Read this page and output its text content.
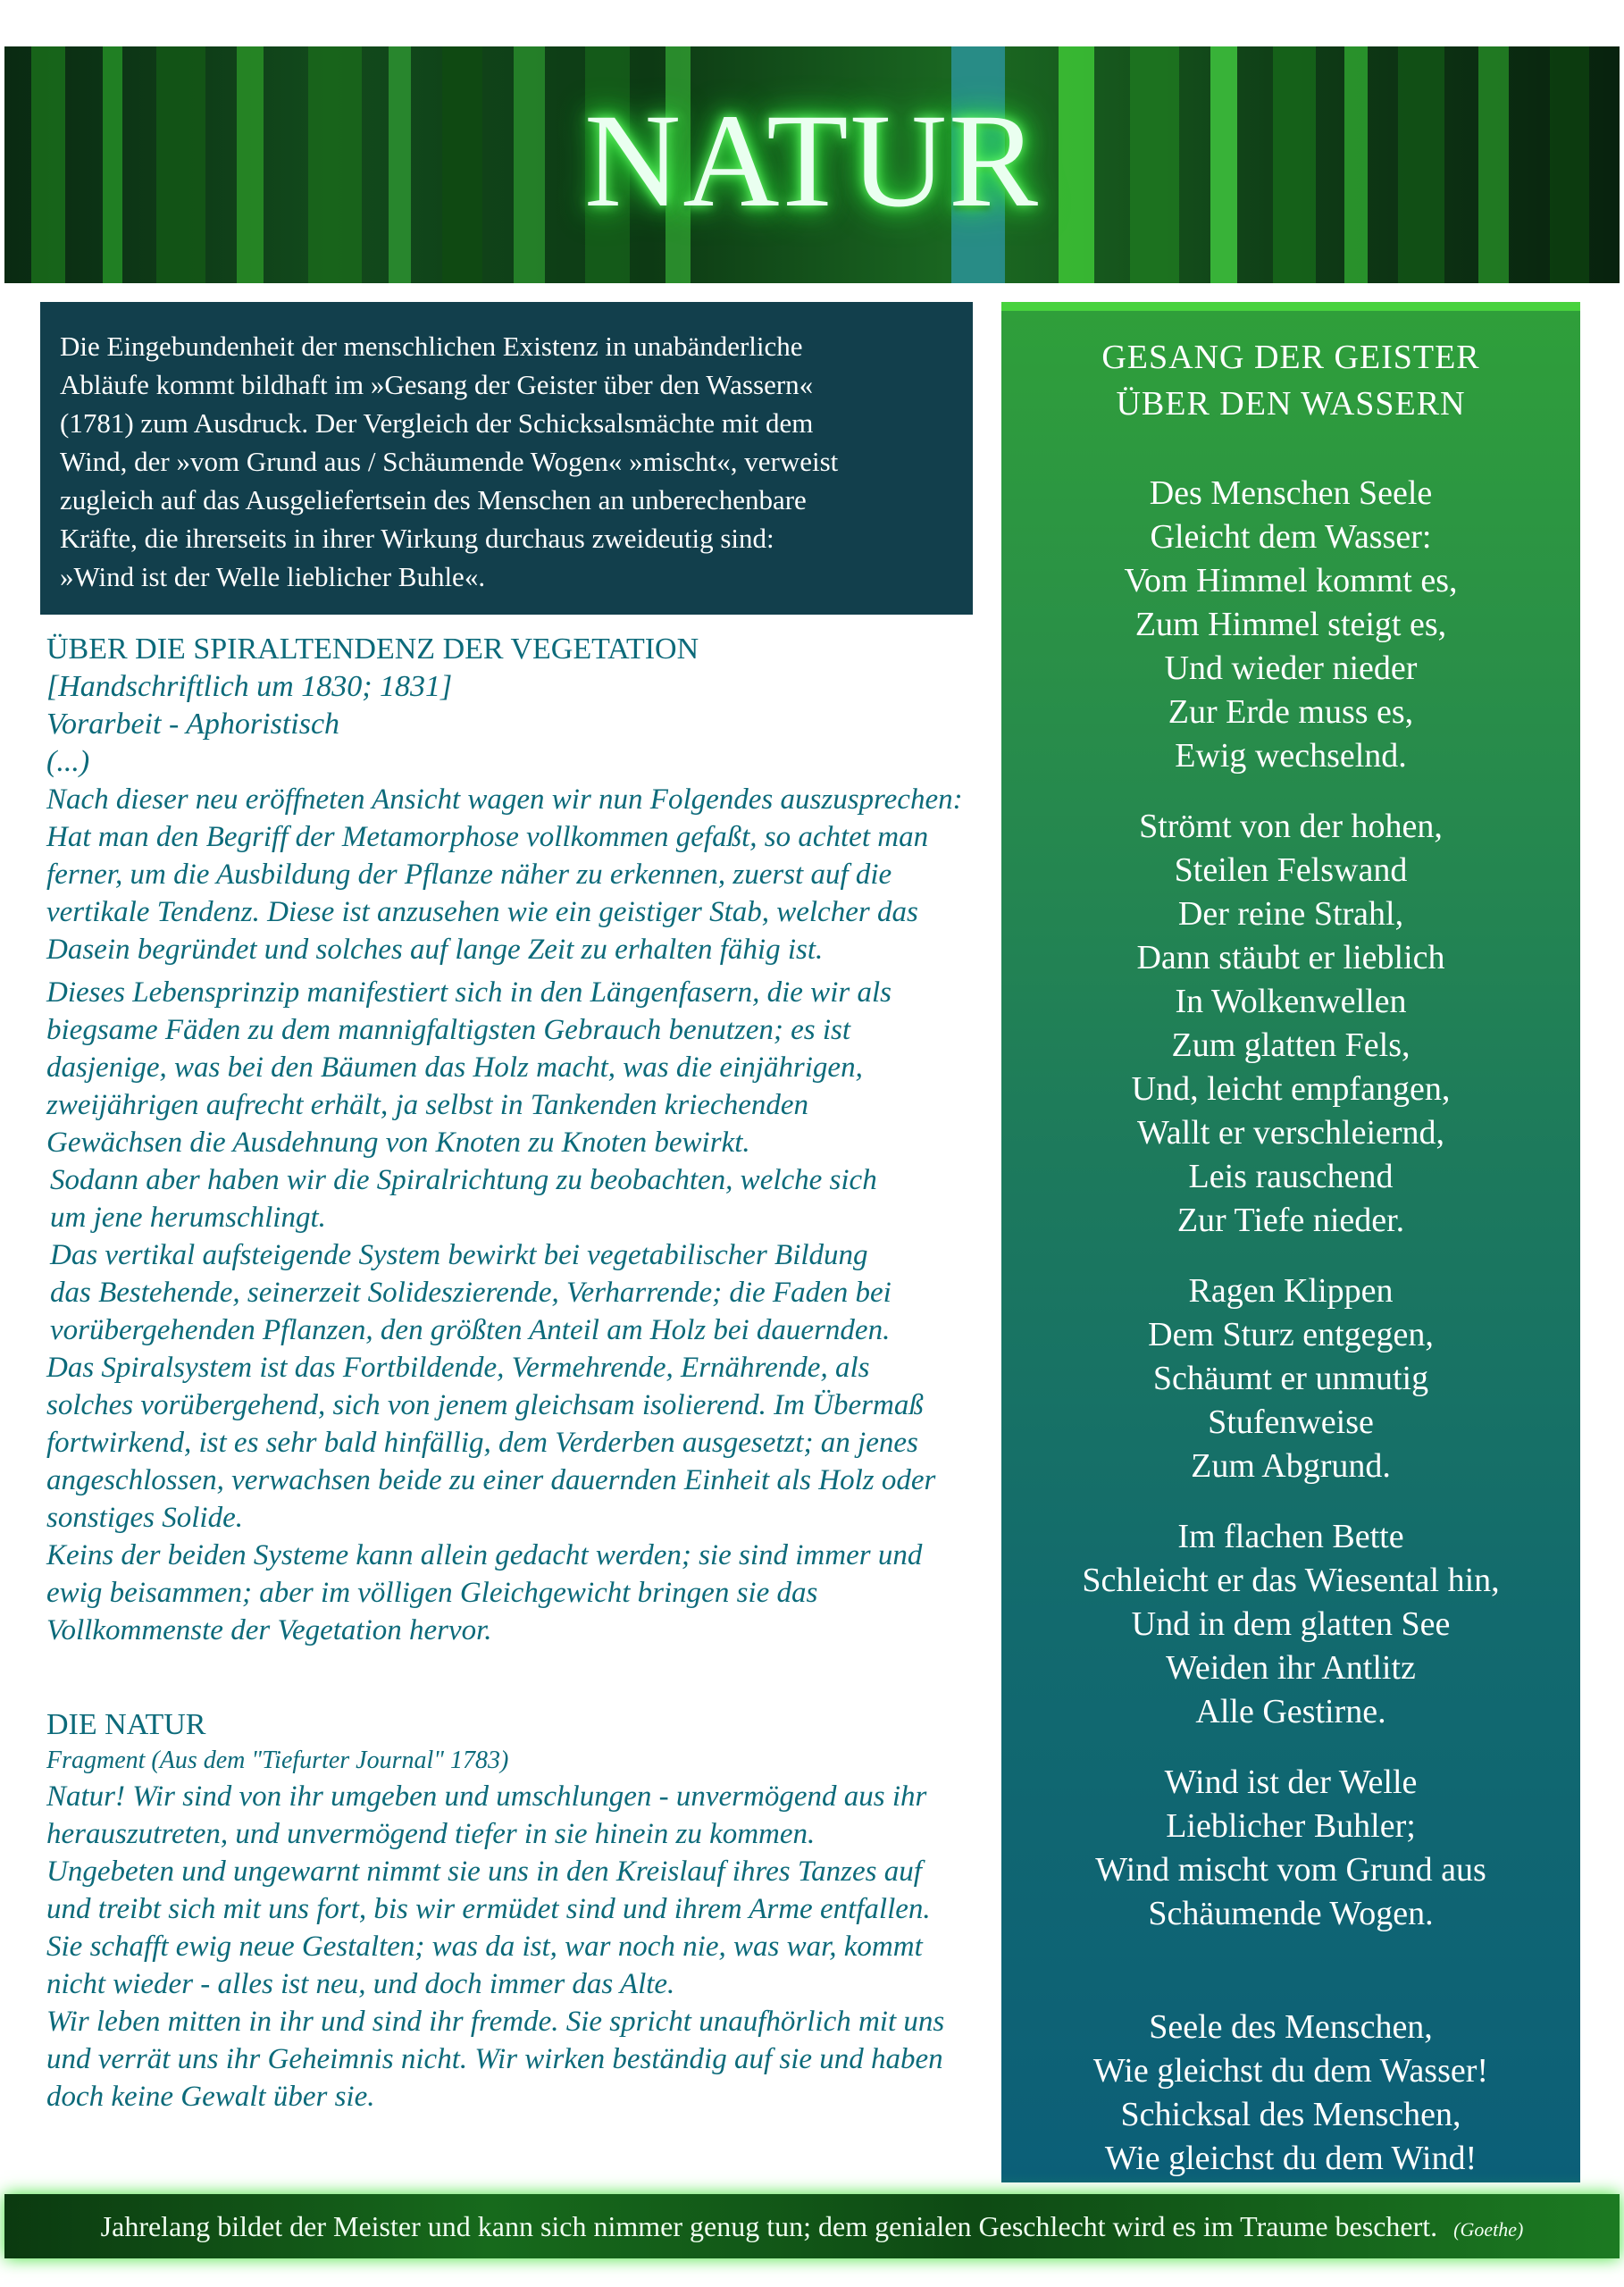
NATUR
Die Eingebundenheit der menschlichen Existenz in unabänderliche
Abläufe kommt bildhaft im »Gesang der Geister über den Wassern«
(1781) zum Ausdruck. Der Vergleich der Schicksalsmächte mit dem
Wind, der »vom Grund aus / Schäumende Wogen« »mischt«, verweist
zugleich auf das Ausgeliefertsein des Menschen an unberechenbare
Kräfte, die ihrerseits in ihrer Wirkung durchaus zweideutig sind:
»Wind ist der Welle lieblicher Buhle«.
ÜBER DIE SPIRALTENDENZ DER VEGETATION
[Handschriftlich um 1830; 1831]
Vorarbeit - Aphoristisch
(...)

Nach dieser neu eröffneten Ansicht wagen wir nun Folgendes auszusprechen:

Hat man den Begriff der Metamorphose vollkommen gefaßt, so achtet man

ferner, um die Ausbildung der Pflanze näher zu erkennen, zuerst auf die

vertikale Tendenz. Diese ist anzusehen wie ein geistiger Stab, welcher das

Dasein begründet und solches auf lange Zeit zu erhalten fähig ist.

Dieses Lebensprinzip manifestiert sich in den Längenfasern, die wir als

biegsame Fäden zu dem mannigfaltigsten Gebrauch benutzen; es ist

dasjenige, was bei den Bäumen das Holz macht, was die einjährigen,

zweijährigen aufrecht erhält, ja selbst in Tankenden kriechenden

Gewächsen die Ausdehnung von Knoten zu Knoten bewirkt.

Sodann aber haben wir die Spiralrichtung zu beobachten, welche sich

um jene herumschlingt.

Das vertikal aufsteigende System bewirkt bei vegetabilischer Bildung

das Bestehende, seinerzeit Solideszierende, Verharrende; die Faden bei

vorübergehenden Pflanzen, den größten Anteil am Holz bei dauernden.

Das Spiralsystem ist das Fortbildende, Vermehrende, Ernährende, als

solches vorübergehend, sich von jenem gleichsam isolierend. Im Übermaß

fortwirkend, ist es sehr bald hinfällig, dem Verderben ausgesetzt; an jenes

angeschlossen, verwachsen beide zu einer dauernden Einheit als Holz oder

sonstiges Solide.

Keins der beiden Systeme kann allein gedacht werden; sie sind immer und

ewig beisammen; aber im völligen Gleichgewicht bringen sie das

Vollkommenste der Vegetation hervor.

DIE NATUR
Fragment (Aus dem "Tiefurter Journal" 1783)

Natur! Wir sind von ihr umgeben und umschlungen - unvermögend aus ihr

herauszutreten, und unvermögend tiefer in sie hinein zu kommen.

Ungebeten und ungewarnt nimmt sie uns in den Kreislauf ihres Tanzes auf

und treibt sich mit uns fort, bis wir ermüdet sind und ihrem Arme entfallen.

Sie schafft ewig neue Gestalten; was da ist, war noch nie, was war, kommt

nicht wieder - alles ist neu, und doch immer das Alte.

Wir leben mitten in ihr und sind ihr fremde. Sie spricht unaufhörlich mit uns

und verrät uns ihr Geheimnis nicht. Wir wirken beständig auf sie und haben

doch keine Gewalt über sie.

GESANG DER GEISTER
ÜBER DEN WASSERN
Des Menschen Seele
Gleicht dem Wasser:
Vom Himmel kommt es,
Zum Himmel steigt es,
Und wieder nieder
Zur Erde muss es,
Ewig wechselnd.
Strömt von der hohen,
Steilen Felswand
Der reine Strahl,
Dann stäubt er lieblich
In Wolkenwellen
Zum glatten Fels,
Und, leicht empfangen,
Wallt er verschleiernd,
Leis rauschend
Zur Tiefe nieder.
Ragen Klippen
Dem Sturz entgegen,
Schäumt er unmutig
Stufenweise
Zum Abgrund.
Im flachen Bette
Schleicht er das Wiesental hin,
Und in dem glatten See
Weiden ihr Antlitz
Alle Gestirne.
Wind ist der Welle
Lieblicher Buhler;
Wind mischt vom Grund aus
Schäumende Wogen.
Seele des Menschen,
Wie gleichst du dem Wasser!
Schicksal des Menschen,
Wie gleichst du dem Wind!
Jahrelang bildet der Meister und kann sich nimmer genug tun; dem genialen Geschlecht wird es im Traume beschert. (Goethe)
